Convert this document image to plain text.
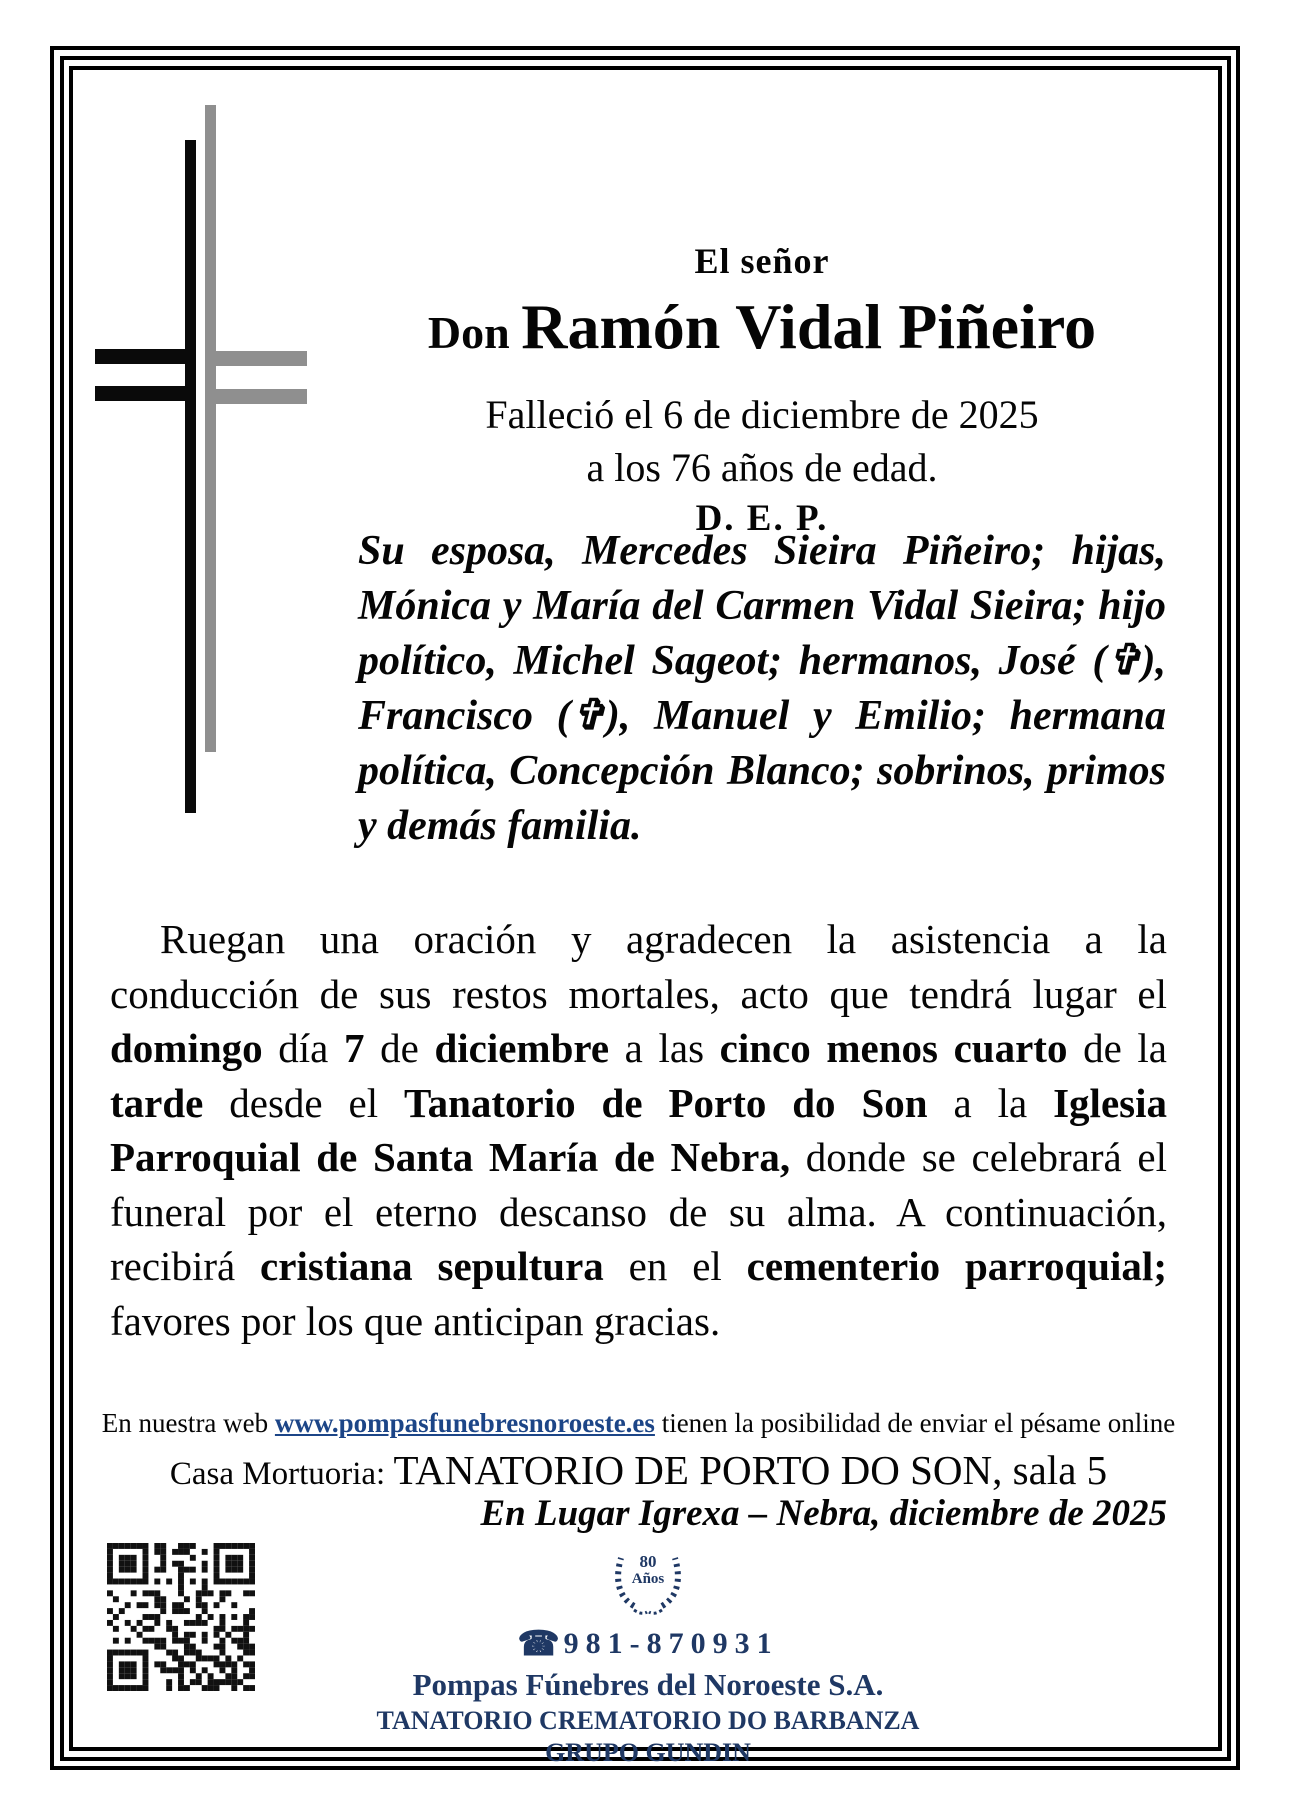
El señor
Don Ramón Vidal Piñeiro
Falleció el 6 de diciembre de 2025
a los 76 años de edad.
D. E. P.
Su esposa, Mercedes Sieira Piñeiro; hijas, Mónica y María del Carmen Vidal Sieira; hijo político, Michel Sageot; hermanos, José (✞), Francisco (✞), Manuel y Emilio; hermana política, Concepción Blanco; sobrinos, primos y demás familia.
Ruegan una oración y agradecen la asistencia a la conducción de sus restos mortales, acto que tendrá lugar el domingo día 7 de diciembre a las cinco menos cuarto de la tarde desde el Tanatorio de Porto do Son a la Iglesia Parroquial de Santa María de Nebra, donde se celebrará el funeral por el eterno descanso de su alma. A continuación, recibirá cristiana sepultura en el cementerio parroquial; favores por los que anticipan gracias.
En nuestra web www.pompasfunebresnoroeste.es tienen la posibilidad de enviar el pésame online
Casa Mortuoria: TANATORIO DE PORTO DO SON, sala 5
En Lugar Igrexa – Nebra, diciembre de 2025
80
Años
☎ 981-870931
Pompas Fúnebres del Noroeste S.A.
TANATORIO CREMATORIO DO BARBANZA
GRUPO GUNDIN
